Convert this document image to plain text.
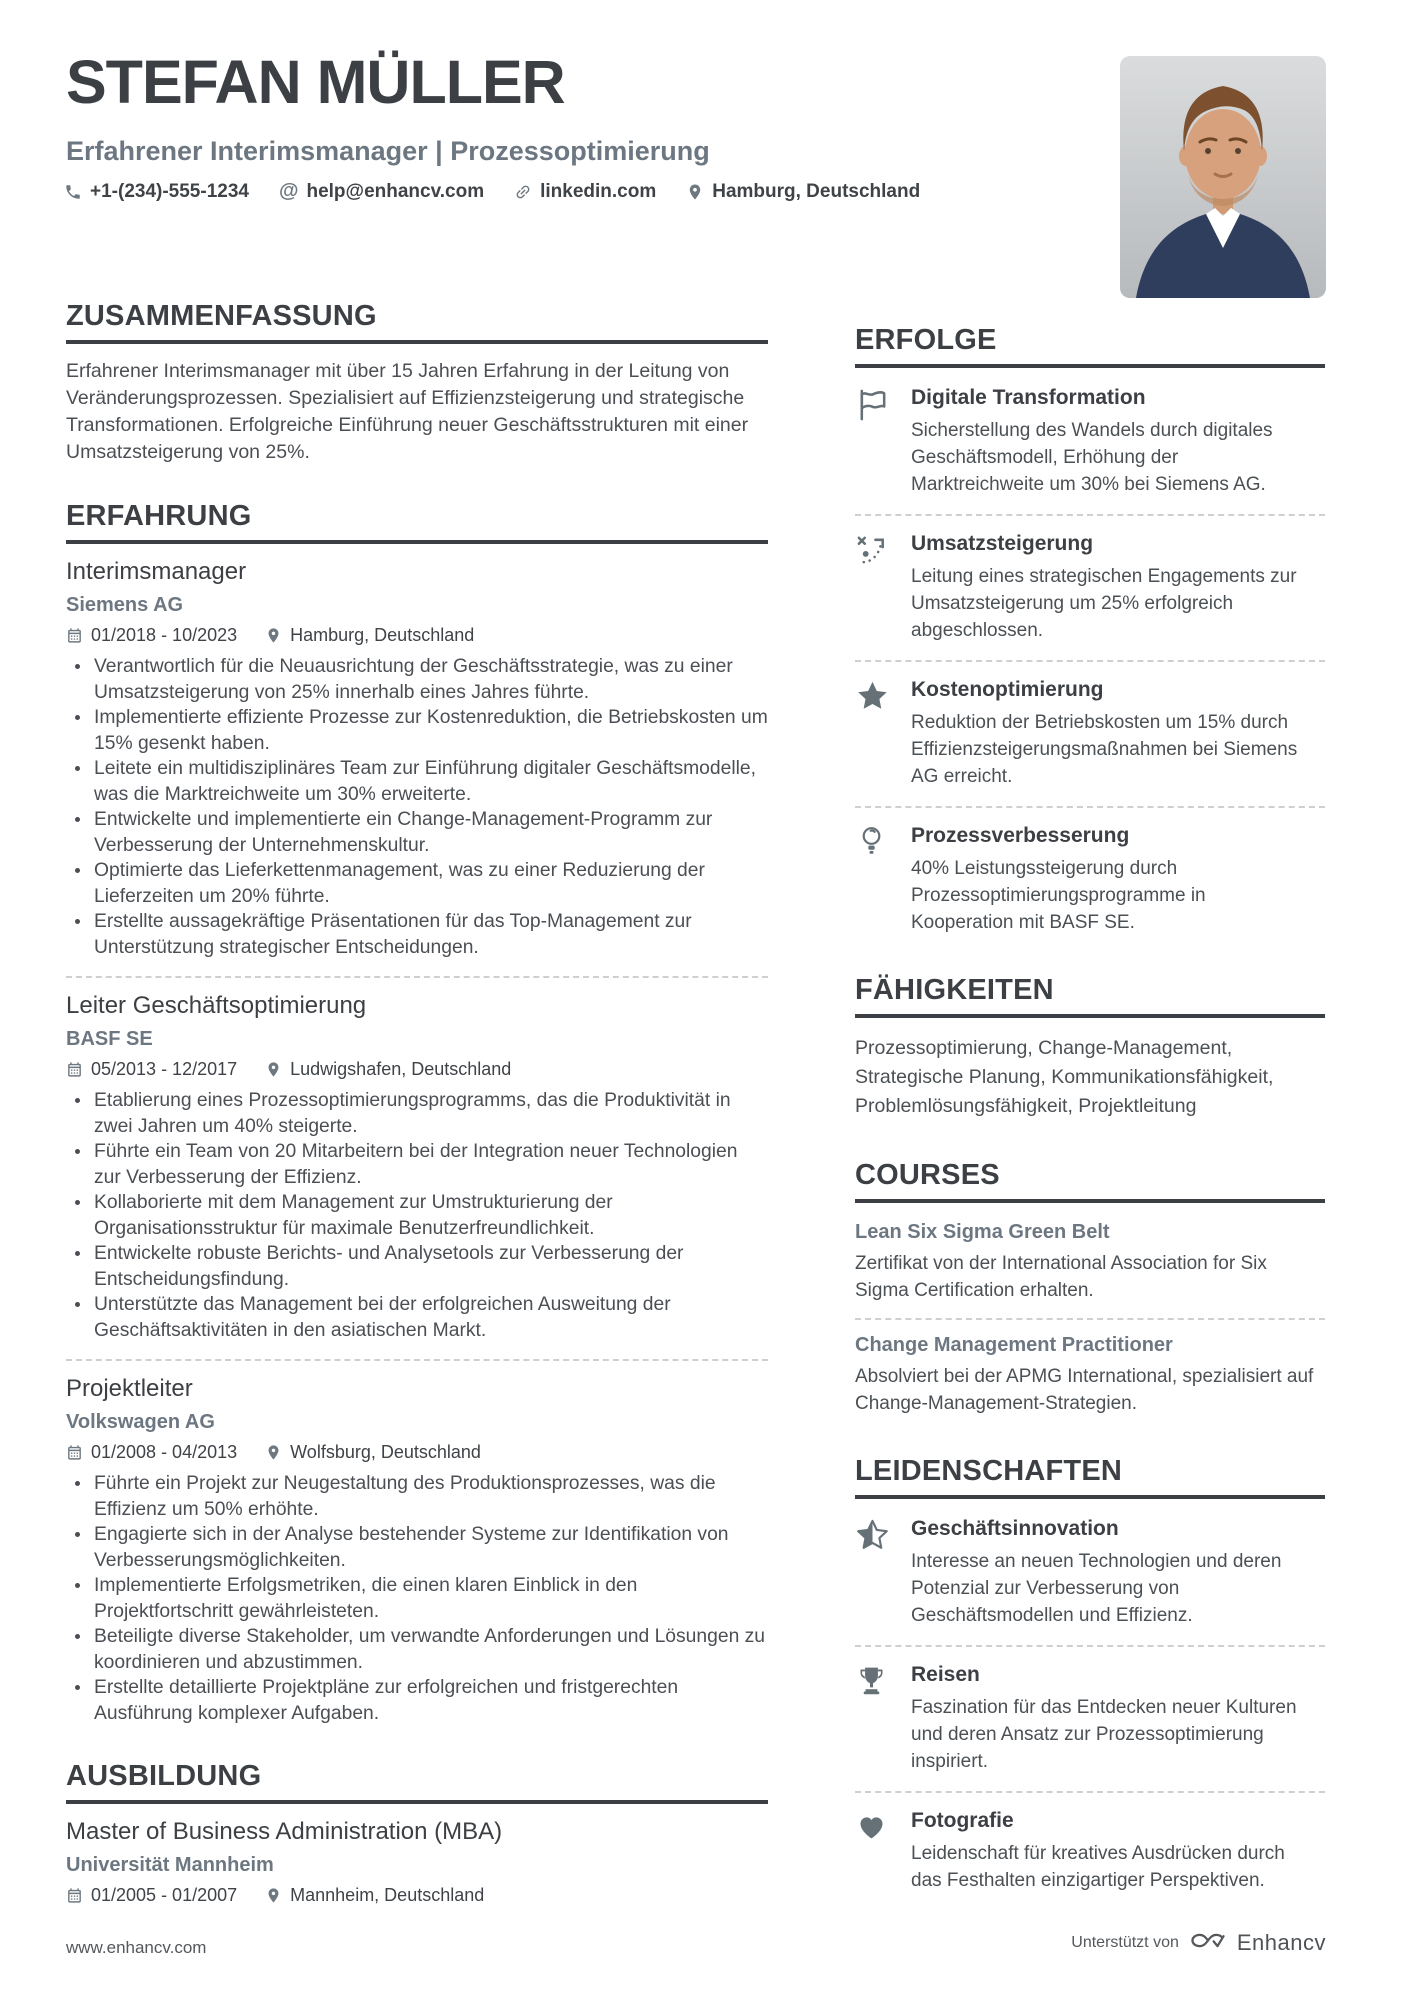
STEFAN MÜLLER
Erfahrener Interimsmanager | Prozessoptimierung
+1-(234)-555-1234 @ help@enhancv.com	linkedin.com	Hamburg, Deutschland
ZUSAMMENFASSUNG
Erfahrener Interimsmanager mit über 15 Jahren Erfahrung in der Leitung von Veränderungsprozessen. Spezialisiert auf Effizienzsteigerung und strategische Transformationen. Erfolgreiche Einführung neuer Geschäftsstrukturen mit einer Umsatzsteigerung von 25%.
ERFAHRUNG
Interimsmanager
Siemens AG
01/2018 - 10/2023	Hamburg, Deutschland
• Verantwortlich für die Neuausrichtung der Geschäftsstrategie, was zu einer Umsatzsteigerung von 25% innerhalb eines Jahres führte.
• Implementierte effiziente Prozesse zur Kostenreduktion, die Betriebskosten um 15% gesenkt haben.
• Leitete ein multidisziplinäres Team zur Einführung digitaler Geschäftsmodelle, was die Marktreichweite um 30% erweiterte.
• Entwickelte und implementierte ein Change-Management-Programm zur Verbesserung der Unternehmenskultur.
• Optimierte das Lieferkettenmanagement, was zu einer Reduzierung der Lieferzeiten um 20% führte.
• Erstellte aussagekräftige Präsentationen für das Top-Management zur Unterstützung strategischer Entscheidungen.
Leiter Geschäftsoptimierung
BASF SE
05/2013 - 12/2017	Ludwigshafen, Deutschland
• Etablierung eines Prozessoptimierungsprogramms, das die Produktivität in zwei Jahren um 40% steigerte.
• Führte ein Team von 20 Mitarbeitern bei der Integration neuer Technologien zur Verbesserung der Effizienz.
• Kollaborierte mit dem Management zur Umstrukturierung der Organisationsstruktur für maximale Benutzerfreundlichkeit.
• Entwickelte robuste Berichts- und Analysetools zur Verbesserung der Entscheidungsfindung.
• Unterstützte das Management bei der erfolgreichen Ausweitung der Geschäftsaktivitäten in den asiatischen Markt.
Projektleiter
Volkswagen AG
01/2008 - 04/2013	Wolfsburg, Deutschland
• Führte ein Projekt zur Neugestaltung des Produktionsprozesses, was die Effizienz um 50% erhöhte.
• Engagierte sich in der Analyse bestehender Systeme zur Identifikation von Verbesserungsmöglichkeiten.
• Implementierte Erfolgsmetriken, die einen klaren Einblick in den Projektfortschritt gewährleisteten.
• Beteiligte diverse Stakeholder, um verwandte Anforderungen und Lösungen zu koordinieren und abzustimmen.
• Erstellte detaillierte Projektpläne zur erfolgreichen und fristgerechten Ausführung komplexer Aufgaben.
AUSBILDUNG
Master of Business Administration (MBA)
Universität Mannheim
01/2005 - 01/2007	Mannheim, Deutschland
ERFOLGE
Digitale Transformation
Sicherstellung des Wandels durch digitales Geschäftsmodell, Erhöhung der Marktreichweite um 30% bei Siemens AG.
Umsatzsteigerung
Leitung eines strategischen Engagements zur Umsatzsteigerung um 25% erfolgreich abgeschlossen.
Kostenoptimierung
Reduktion der Betriebskosten um 15% durch Effizienzsteigerungsmaßnahmen bei Siemens AG erreicht.
Prozessverbesserung
40% Leistungssteigerung durch Prozessoptimierungsprogramme in Kooperation mit BASF SE.
FÄHIGKEITEN
Prozessoptimierung, Change-Management, Strategische Planung, Kommunikationsfähigkeit, Problemlösungsfähigkeit, Projektleitung
COURSES
Lean Six Sigma Green Belt
Zertifikat von der International Association for Six Sigma Certification erhalten.
Change Management Practitioner
Absolviert bei der APMG International, spezialisiert auf Change-Management-Strategien.
LEIDENSCHAFTEN
Geschäftsinnovation
Interesse an neuen Technologien und deren Potenzial zur Verbesserung von Geschäftsmodellen und Effizienz.
Reisen
Faszination für das Entdecken neuer Kulturen und deren Ansatz zur Prozessoptimierung inspiriert.
Fotografie
Leidenschaft für kreatives Ausdrücken durch das Festhalten einzigartiger Perspektiven.
www.enhancv.com	Unterstützt von	Enhancv
